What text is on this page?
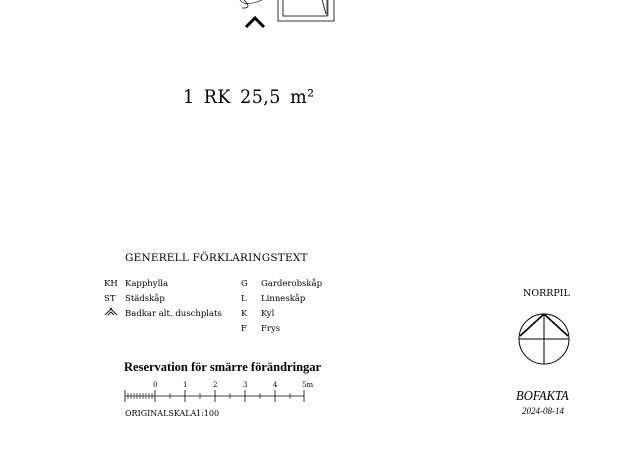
1 RK 25,5 m²
GENERELL FÖRKLARINGSTEXT
KH Kapphylla
ST Städskåp
Badkar alt. duschplats
G Garderobskåp
L Linneskåp
K Kyl
F Frys
Reservation för smärre förändringar
0	1	2	3	4	5m
ORIGINALSKALA 1:100
NORRPIL
BOFAKTA
2024-08-14
